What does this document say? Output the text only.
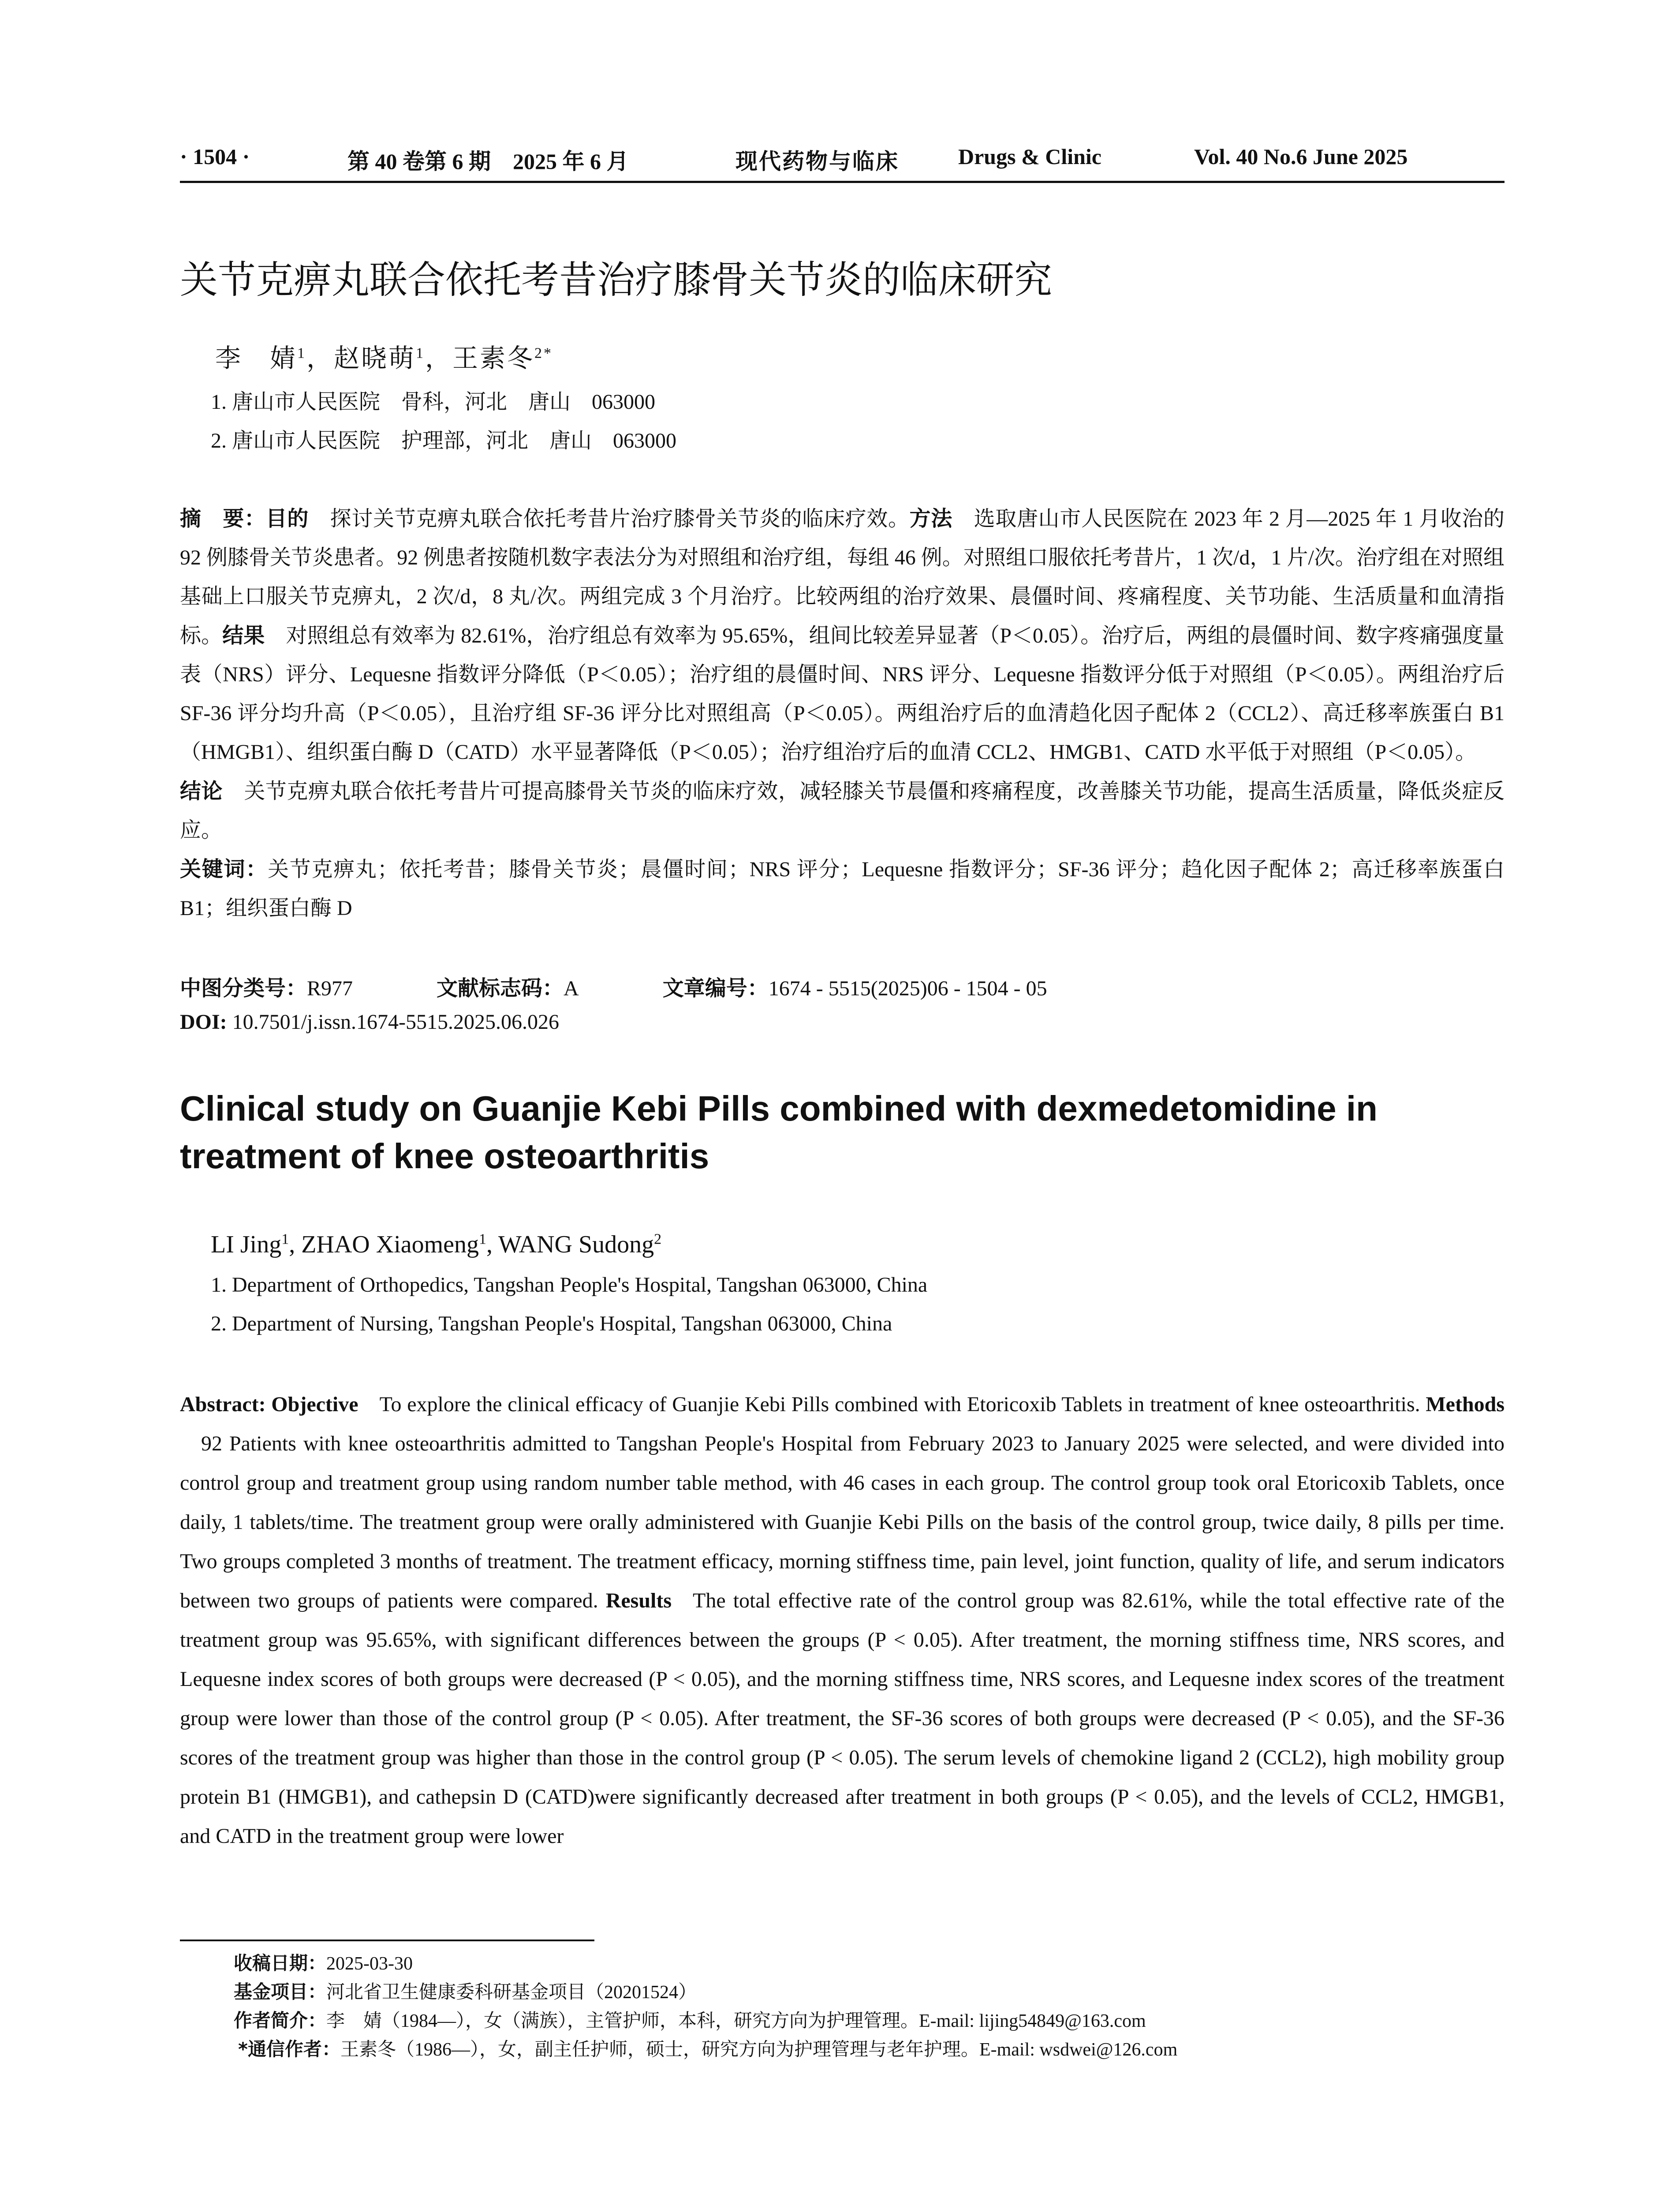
· 1504 ·	第 40 卷第 6 期　2025 年 6 月	现代药物与临床	Drugs & Clinic	Vol. 40 No.6 June 2025
关节克痹丸联合依托考昔治疗膝骨关节炎的临床研究
李　婧$^1$，赵晓萌$^1$，王素冬$^{2*}$
1. 唐山市人民医院　骨科，河北　唐山　063000
2. 唐山市人民医院　护理部，河北　唐山　063000

摘　要：目的 探讨关节克痹丸联合依托考昔片治疗膝骨关节炎的临床疗效。方法 选取唐山市人民医院在 2023 年 2 月—2025 年 1 月收治的 92 例膝骨关节炎患者。92 例患者按随机数字表法分为对照组和治疗组，每组 46 例。对照组口服依托考昔片，1 次/d，1 片/次。治疗组在对照组基础上口服关节克痹丸，2 次/d，8 丸/次。两组完成 3 个月治疗。比较两组的治疗效果、晨僵时间、疼痛程度、关节功能、生活质量和血清指标。结果 对照组总有效率为 82.61%，治疗组总有效率为 95.65%，组间比较差异显著（P＜0.05）。治疗后，两组的晨僵时间、数字疼痛强度量表（NRS）评分、Lequesne 指数评分降低（P＜0.05）；治疗组的晨僵时间、NRS 评分、Lequesne 指数评分低于对照组（P＜0.05）。两组治疗后 SF-36 评分均升高（P＜0.05），且治疗组 SF-36 评分比对照组高（P＜0.05）。两组治疗后的血清趋化因子配体 2（CCL2）、高迁移率族蛋白 B1（HMGB1）、组织蛋白酶 D（CATD）水平显著降低（P＜0.05）；治疗组治疗后的血清 CCL2、HMGB1、CATD 水平低于对照组（P＜0.05）。

结论 关节克痹丸联合依托考昔片可提高膝骨关节炎的临床疗效，减轻膝关节晨僵和疼痛程度，改善膝关节功能，提高生活质量，降低炎症反应。

关键词：关节克痹丸；依托考昔；膝骨关节炎；晨僵时间；NRS 评分；Lequesne 指数评分；SF-36 评分；趋化因子配体 2；高迁移率族蛋白 B1；组织蛋白酶 D

中图分类号：R977	文献标志码：A	文章编号：1674 - 5515(2025)06 - 1504 - 05
DOI: 10.7501/j.issn.1674-5515.2025.06.026
Clinical study on Guanjie Kebi Pills combined with dexmedetomidine in treatment of knee osteoarthritis
LI Jing$^1$, ZHAO Xiaomeng$^1$, WANG Sudong$^2$
1. Department of Orthopedics, Tangshan People's Hospital, Tangshan 063000, China
2. Department of Nursing, Tangshan People's Hospital, Tangshan 063000, China
Abstract: Objective To explore the clinical efficacy of Guanjie Kebi Pills combined with Etoricoxib Tablets in treatment of knee osteoarthritis. Methods92 Patients with knee osteoarthritis admitted to Tangshan People's Hospital from February 2023 to January 2025 were selected, and were divided into control group and treatment group using random number table method, with 46 cases in each group. The control group took oral Etoricoxib Tablets, once daily, 1 tablets/time. The treatment group were orally administered with Guanjie Kebi Pills on the basis of the control group, twice daily, 8 pills per time. Two groups completed 3 months of treatment. The treatment efficacy, morning stiffness time, pain level, joint function, quality of life, and serum indicators between two groups of patients were compared. Results The total effective rate of the control group was 82.61%, while the total effective rate of the treatment group was 95.65%, with significant differences between the groups (P < 0.05). After treatment, the morning stiffness time, NRS scores, and Lequesne index scores of both groups were decreased (P < 0.05), and the morning stiffness time, NRS scores, and Lequesne index scores of the treatment group were lower than those of the control group (P < 0.05). After treatment, the SF-36 scores of both groups were decreased (P < 0.05), and the SF-36 scores of the treatment group was higher than those in the control group (P < 0.05). The serum levels of chemokine ligand 2 (CCL2), high mobility group protein B1 (HMGB1), and cathepsin D (CATD)were significantly decreased after treatment in both groups (P < 0.05), and the levels of CCL2, HMGB1, and CATD in the treatment group were lower
收稿日期：2025-03-30
基金项目：河北省卫生健康委科研基金项目（20201524）
作者简介：李　婧（1984—），女（满族），主管护师，本科，研究方向为护理管理。E-mail: lijing54849@163.com
*通信作者：王素冬（1986—），女，副主任护师，硕士，研究方向为护理管理与老年护理。E-mail: wsdwei@126.com
